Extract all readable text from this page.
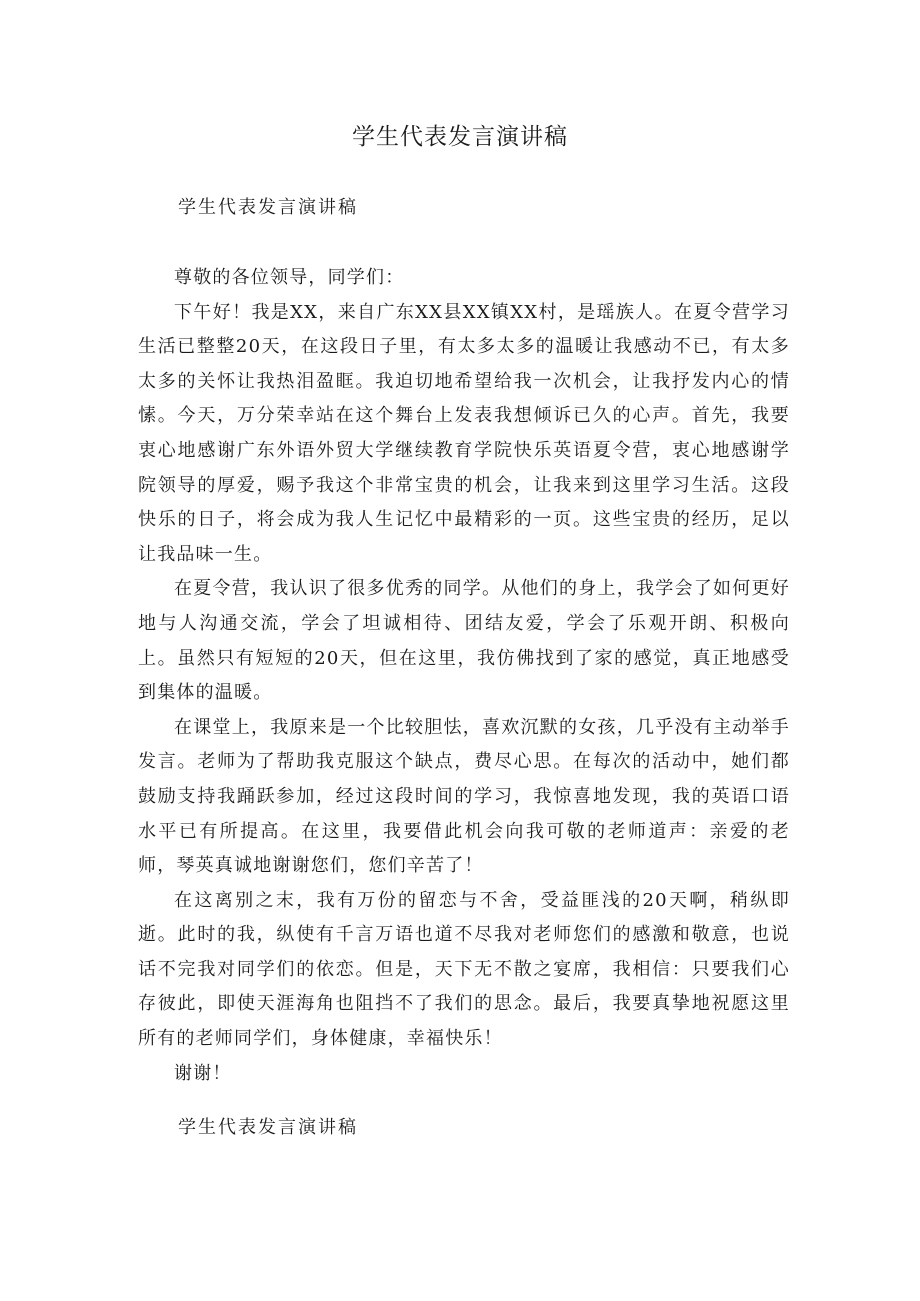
学生代表发言演讲稿

学生代表发言演讲稿

尊敬的各位领导，同学们：

下午好！我是XX，来自广东XX县XX镇XX村，是瑶族人。在夏令营学习生活已整整20天，在这段日子里，有太多太多的温暖让我感动不已，有太多太多的关怀让我热泪盈眶。我迫切地希望给我一次机会，让我抒发内心的情愫。今天，万分荣幸站在这个舞台上发表我想倾诉已久的心声。首先，我要衷心地感谢广东外语外贸大学继续教育学院快乐英语夏令营，衷心地感谢学院领导的厚爱，赐予我这个非常宝贵的机会，让我来到这里学习生活。这段快乐的日子，将会成为我人生记忆中最精彩的一页。这些宝贵的经历，足以让我品味一生。

在夏令营，我认识了很多优秀的同学。从他们的身上，我学会了如何更好地与人沟通交流，学会了坦诚相待、团结友爱，学会了乐观开朗、积极向上。虽然只有短短的20天，但在这里，我仿佛找到了家的感觉，真正地感受到集体的温暖。

在课堂上，我原来是一个比较胆怯，喜欢沉默的女孩，几乎没有主动举手发言。老师为了帮助我克服这个缺点，费尽心思。在每次的活动中，她们都鼓励支持我踊跃参加，经过这段时间的学习，我惊喜地发现，我的英语口语水平已有所提高。在这里，我要借此机会向我可敬的老师道声：亲爱的老师，琴英真诚地谢谢您们，您们辛苦了！

在这离别之末，我有万份的留恋与不舍，受益匪浅的20天啊，稍纵即逝。此时的我，纵使有千言万语也道不尽我对老师您们的感激和敬意，也说话不完我对同学们的依恋。但是，天下无不散之宴席，我相信：只要我们心存彼此，即使天涯海角也阻挡不了我们的思念。最后，我要真挚地祝愿这里所有的老师同学们，身体健康，幸福快乐！

谢谢！

学生代表发言演讲稿
